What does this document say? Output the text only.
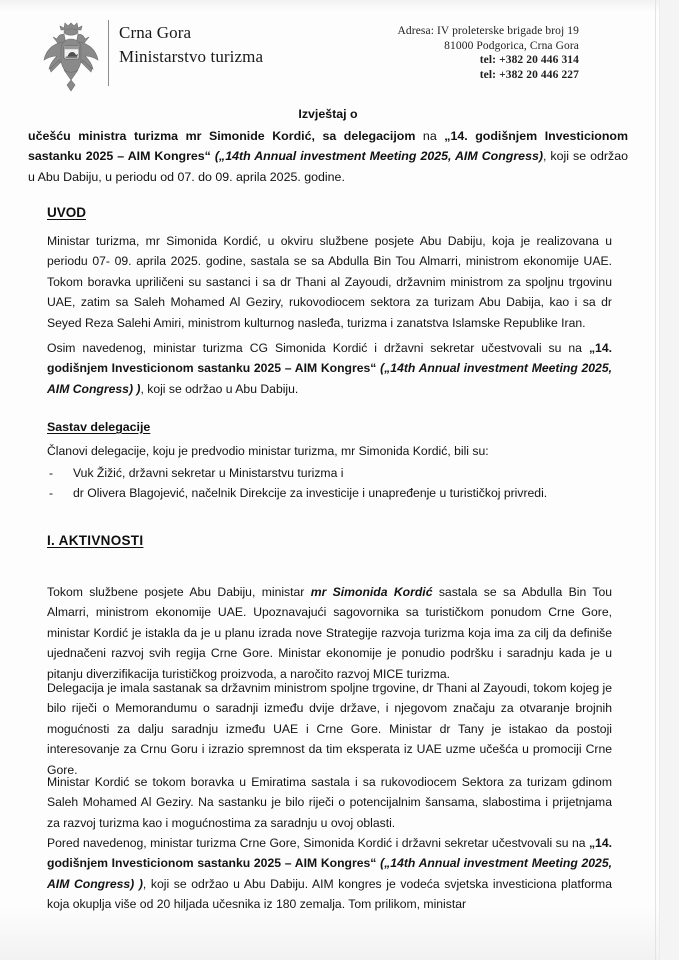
Crna Gora
Ministarstvo turizma
Adresa: IV proleterske brigade broj 19
81000 Podgorica, Crna Gora
tel: +382 20 446 314
tel: +382 20 446 227
Izvještaj o
učešću ministra turizma mr Simonide Kordić, sa delegacijom na „14. godišnjem Investicionom sastanku 2025 – AIM Kongres“ („14th Annual investment Meeting 2025, AIM Congress), koji se održao u Abu Dabiju, u periodu od 07. do 09. aprila 2025. godine.
UVOD
Ministar turizma, mr Simonida Kordić, u okviru službene posjete Abu Dabiju, koja je realizovana u periodu 07- 09. aprila 2025. godine, sastala se sa Abdulla Bin Tou Almarri, ministrom ekonomije UAE. Tokom boravka upriličeni su sastanci i sa dr Thani al Zayoudi, državnim ministrom za spoljnu trgovinu UAE, zatim sa Saleh Mohamed Al Geziry, rukovodiocem sektora za turizam Abu Dabija, kao i sa dr Seyed Reza Salehi Amiri, ministrom kulturnog nasleđa, turizma i zanatstva Islamske Republike Iran.
Osim navedenog, ministar turizma CG Simonida Kordić i državni sekretar učestvovali su na „14. godišnjem Investicionom sastanku 2025 – AIM Kongres“ („14th Annual investment Meeting 2025, AIM Congress) ), koji se održao u Abu Dabiju.
Sastav delegacije
Članovi delegacije, koju je predvodio ministar turizma, mr Simonida Kordić, bili su:
- Vuk Žižić, državni sekretar u Ministarstvu turizma i
- dr Olivera Blagojević, načelnik Direkcije za investicije i unapređenje u turističkoj privredi.
I. AKTIVNOSTI
Tokom službene posjete Abu Dabiju, ministar mr Simonida Kordić sastala se sa Abdulla Bin Tou Almarri, ministrom ekonomije UAE. Upoznavajući sagovornika sa turističkom ponudom Crne Gore, ministar Kordić je istakla da je u planu izrada nove Strategije razvoja turizma koja ima za cilj da definiše ujednačeni razvoj svih regija Crne Gore. Ministar ekonomije je ponudio podršku i saradnju kada je u pitanju diverzifikacija turističkog proizvoda, a naročito razvoj MICE turizma.
Delegacija je imala sastanak sa državnim ministrom spoljne trgovine, dr Thani al Zayoudi, tokom kojeg je bilo riječi o Memorandumu o saradnji između dvije države, i njegovom značaju za otvaranje brojnih mogućnosti za dalju saradnju između UAE i Crne Gore. Ministar dr Tany je istakao da postoji interesovanje za Crnu Goru i izrazio spremnost da tim eksperata iz UAE uzme učešća u promociji Crne Gore.
Ministar Kordić se tokom boravka u Emiratima sastala i sa rukovodiocem Sektora za turizam gdinom Saleh Mohamed Al Geziry. Na sastanku je bilo riječi o potencijalnim šansama, slabostima i prijetnjama za razvoj turizma kao i mogućnostima za saradnju u ovoj oblasti.
Pored navedenog, ministar turizma Crne Gore, Simonida Kordić i državni sekretar učestvovali su na „14. godišnjem Investicionom sastanku 2025 – AIM Kongres“ („14th Annual investment Meeting 2025, AIM Congress) ), koji se održao u Abu Dabiju. AIM kongres je vodeća svjetska investiciona platforma koja okuplja više od 20 hiljada učesnika iz 180 zemalja. Tom prilikom, ministar
